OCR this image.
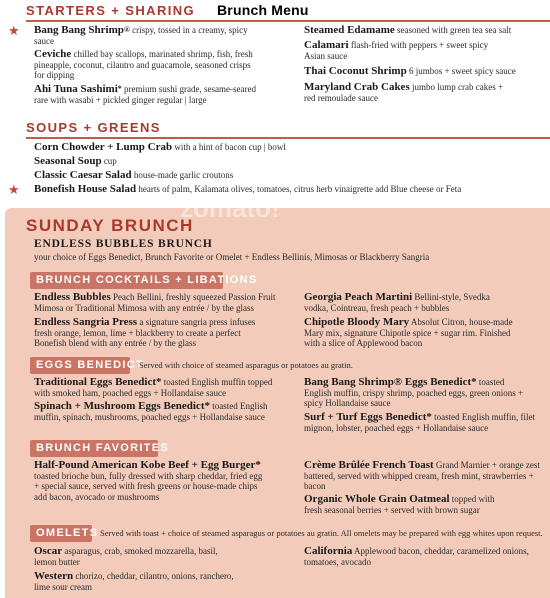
STARTERS + SHARING Brunch Menu
★ Bang Bang Shrimp® crispy, tossed in a creamy, spicy sauce
Ceviche chilled bay scallops, marinated shrimp, fish, fresh pineapple, coconut, cilantro and guacamole, seasoned crisps for dipping
Ahi Tuna Sashimi* premium sushi grade, sesame-seared rare with wasabi + pickled ginger regular | large
Steamed Edamame seasoned with green tea sea salt
Calamari flash-fried with peppers + sweet spicy Asian sauce
Thai Coconut Shrimp 6 jumbos + sweet spicy sauce
Maryland Crab Cakes jumbo lump crab cakes + red remoulade sauce
SOUPS + GREENS
Corn Chowder + Lump Crab with a hint of bacon cup | bowl
Seasonal Soup cup
Classic Caesar Salad house-made garlic croutons
★ Bonefish House Salad hearts of palm, Kalamata olives, tomatoes, citrus herb vinaigrette add Blue cheese or Feta
zomato!
SUNDAY BRUNCH
ENDLESS BUBBLES BRUNCH
your choice of Eggs Benedict, Brunch Favorite or Omelet + Endless Bellinis, Mimosas or Blackberry Sangria
BRUNCH COCKTAILS + LIBATIONS
Endless Bubbles Peach Bellini, freshly squeezed Passion Fruit Mimosa or Traditional Mimosa with any entrée / by the glass
Endless Sangria Press a signature sangria press infuses fresh orange, lemon, lime + blackberry to create a perfect Bonefish blend with any entrée / by the glass
Georgia Peach Martini Bellini-style, Svedka vodka, Cointreau, fresh peach + bubbles
Chipotle Bloody Mary Absolut Citron, house-made Mary mix, signature Chipotle spice + sugar rim. Finished with a slice of Applewood bacon
EGGS BENEDICT
Served with choice of steamed asparagus or potatoes au gratin.
Traditional Eggs Benedict* toasted English muffin topped with smoked ham, poached eggs + Hollandaise sauce
Spinach + Mushroom Eggs Benedict* toasted English muffin, spinach, mushrooms, poached eggs + Hollandaise sauce
Bang Bang Shrimp® Eggs Benedict* toasted English muffin, crispy shrimp, poached eggs, green onions + spicy Hollandaise sauce
Surf + Turf Eggs Benedict* toasted English muffin, filet mignon, lobster, poached eggs + Hollandaise sauce
BRUNCH FAVORITES
Half-Pound American Kobe Beef + Egg Burger* toasted brioche bun, fully dressed with sharp cheddar, fried egg + special sauce, served with fresh greens or house-made chips add bacon, avocado or mushrooms
Crème Brûlée French Toast Grand Marnier + orange zest battered, served with whipped cream, fresh mint, strawberries + bacon
Organic Whole Grain Oatmeal topped with fresh seasonal berries + served with brown sugar
OMELETS Served with toast + choice of steamed asparagus or potatoes au gratin. All omelets may be prepared with egg whites upon request.
Oscar asparagus, crab, smoked mozzarella, basil, lemon butter
Western chorizo, cheddar, cilantro, onions, ranchero, lime sour cream
California Applewood bacon, cheddar, caramelized onions, tomatoes, avocado
